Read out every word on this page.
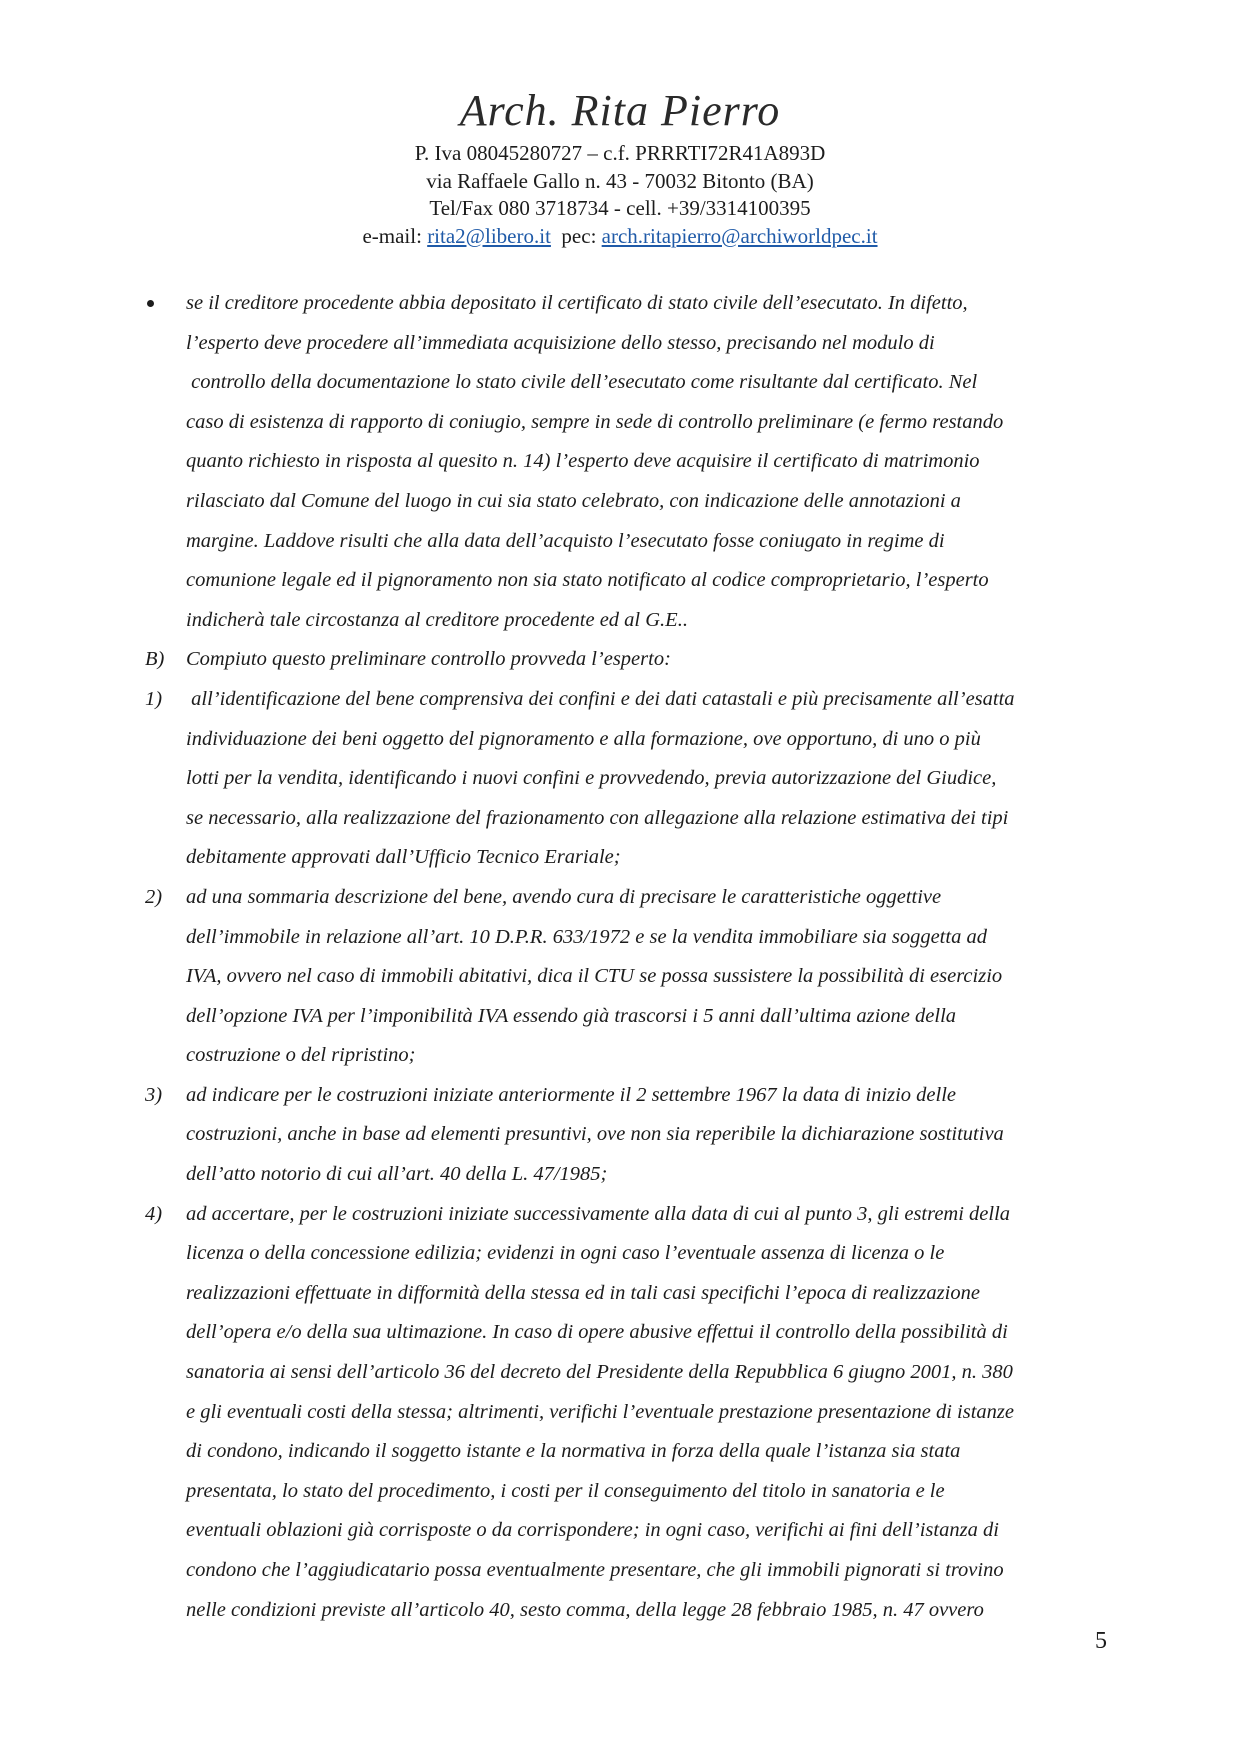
Arch. Rita Pierro
P. Iva 08045280727 – c.f. PRRRTI72R41A893D
via Raffaele Gallo n. 43 - 70032 Bitonto (BA)
Tel/Fax 080 3718734 - cell. +39/3314100395
e-mail: rita2@libero.it pec: arch.ritapierro@archiworldpec.it
se il creditore procedente abbia depositato il certificato di stato civile dell’esecutato. In difetto,
l’esperto deve procedere all’immediata acquisizione dello stesso, precisando nel modulo di
controllo della documentazione lo stato civile dell’esecutato come risultante dal certificato. Nel
caso di esistenza di rapporto di coniugio, sempre in sede di controllo preliminare (e fermo restando
quanto richiesto in risposta al quesito n. 14) l’esperto deve acquisire il certificato di matrimonio
rilasciato dal Comune del luogo in cui sia stato celebrato, con indicazione delle annotazioni a
margine. Laddove risulti che alla data dell’acquisto l’esecutato fosse coniugato in regime di
comunione legale ed il pignoramento non sia stato notificato al codice comproprietario, l’esperto
indicherà tale circostanza al creditore procedente ed al G.E..
B) Compiuto questo preliminare controllo provveda l’esperto:
1) all’identificazione del bene comprensiva dei confini e dei dati catastali e più precisamente all’esatta
individuazione dei beni oggetto del pignoramento e alla formazione, ove opportuno, di uno o più
lotti per la vendita, identificando i nuovi confini e provvedendo, previa autorizzazione del Giudice,
se necessario, alla realizzazione del frazionamento con allegazione alla relazione estimativa dei tipi
debitamente approvati dall’Ufficio Tecnico Erariale;
2) ad una sommaria descrizione del bene, avendo cura di precisare le caratteristiche oggettive
dell’immobile in relazione all’art. 10 D.P.R. 633/1972 e se la vendita immobiliare sia soggetta ad
IVA, ovvero nel caso di immobili abitativi, dica il CTU se possa sussistere la possibilità di esercizio
dell’opzione IVA per l’imponibilità IVA essendo già trascorsi i 5 anni dall’ultima azione della
costruzione o del ripristino;
3) ad indicare per le costruzioni iniziate anteriormente il 2 settembre 1967 la data di inizio delle
costruzioni, anche in base ad elementi presuntivi, ove non sia reperibile la dichiarazione sostitutiva
dell’atto notorio di cui all’art. 40 della L. 47/1985;
4) ad accertare, per le costruzioni iniziate successivamente alla data di cui al punto 3, gli estremi della
licenza o della concessione edilizia; evidenzi in ogni caso l’eventuale assenza di licenza o le
realizzazioni effettuate in difformità della stessa ed in tali casi specifichi l’epoca di realizzazione
dell’opera e/o della sua ultimazione. In caso di opere abusive effettui il controllo della possibilità di
sanatoria ai sensi dell’articolo 36 del decreto del Presidente della Repubblica 6 giugno 2001, n. 380
e gli eventuali costi della stessa; altrimenti, verifichi l’eventuale prestazione presentazione di istanze
di condono, indicando il soggetto istante e la normativa in forza della quale l’istanza sia stata
presentata, lo stato del procedimento, i costi per il conseguimento del titolo in sanatoria e le
eventuali oblazioni già corrisposte o da corrispondere; in ogni caso, verifichi ai fini dell’istanza di
condono che l’aggiudicatario possa eventualmente presentare, che gli immobili pignorati si trovino
nelle condizioni previste all’articolo 40, sesto comma, della legge 28 febbraio 1985, n. 47 ovvero
5
